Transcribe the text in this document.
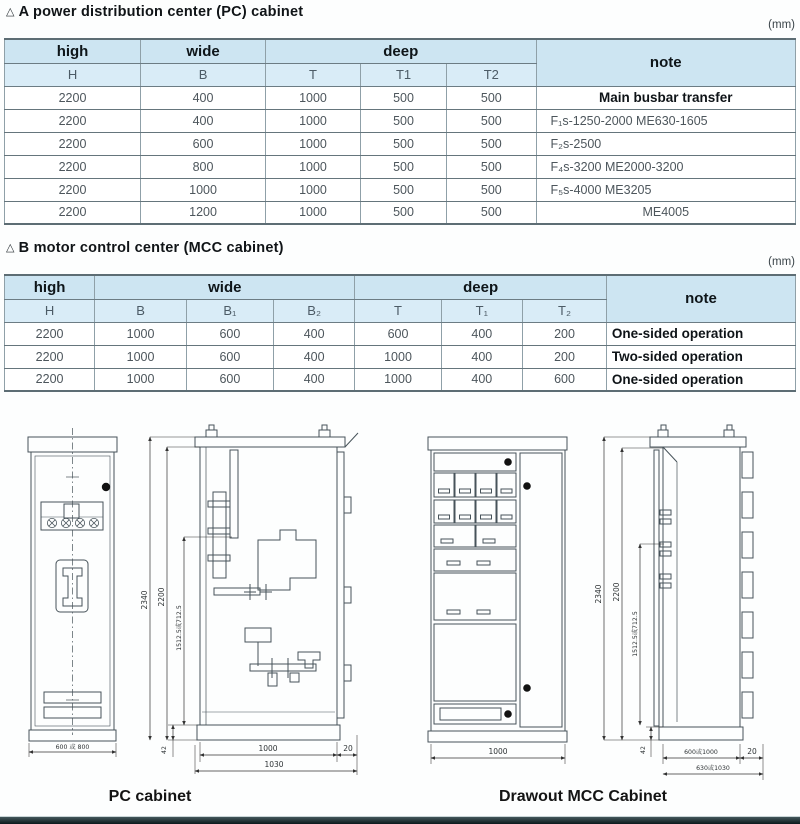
△ A power distribution center (PC) cabinet
(mm)
high	wide	deep			note
H	B	T	T1	T2	
2200	400	1000	500	500	Main busbar transfer
2200	400	1000	500	500	F₁s-1250-2000 ME630-1605
2200	600	1000	500	500	F₂s-2500
2200	800	1000	500	500	F₄s-3200 ME2000-3200
2200	1000	1000	500	500	F₅s-4000 ME3205
2200	1200	1000	500	500	ME4005
△ B motor control center (MCC cabinet)
(mm)
high	wide			deep			note
H	B	B₁	B₂	T	T₁	T₂	
2200	1000	600	400	600	400	200	One-sided operation
2200	1000	600	400	1000	400	200	Two-sided operation
2200	1000	600	400	1000	400	600	One-sided operation
600 或 800
2340 2200
1512.5或712.5
42	1000	20
1030
1000
2340 2200
1512.5或712.5
42	600或1000	20
630或1030
PC cabinet	Drawout MCC Cabinet
